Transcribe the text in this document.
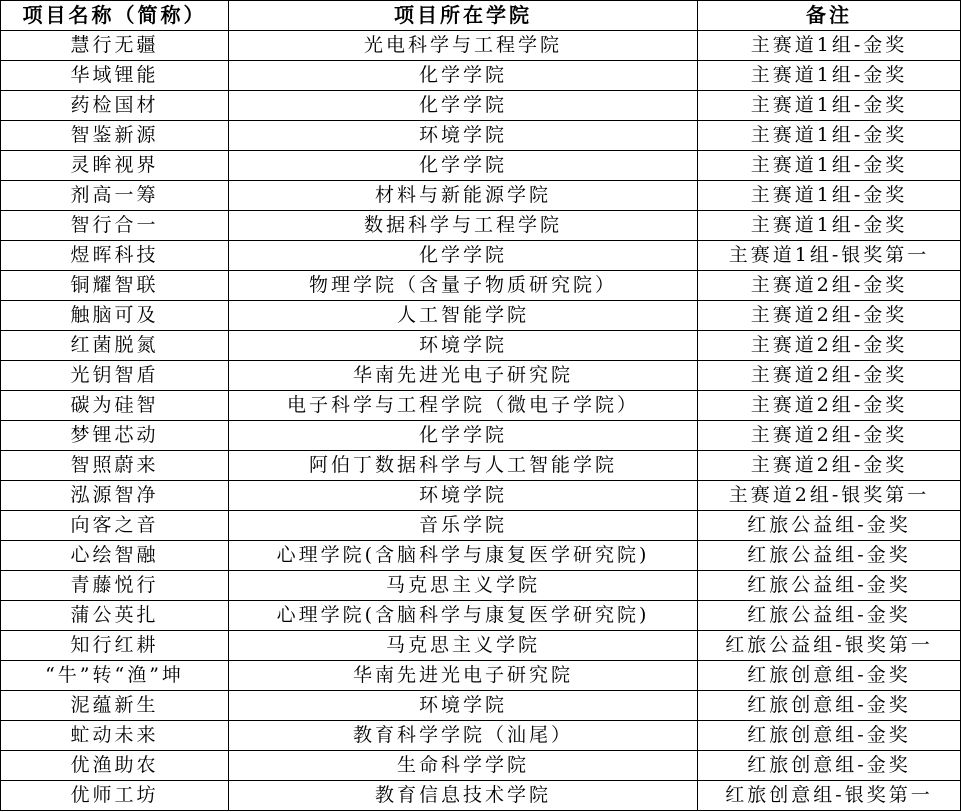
项目名称（简称）	项目所在学院	备注
慧行无疆	光电科学与工程学院	主赛道1组-金奖
华域锂能	化学学院	主赛道1组-金奖
药检国材	化学学院	主赛道1组-金奖
智鉴新源	环境学院	主赛道1组-金奖
灵眸视界	化学学院	主赛道1组-金奖
剂高一筹	材料与新能源学院	主赛道1组-金奖
智行合一	数据科学与工程学院	主赛道1组-金奖
煜晖科技	化学学院	主赛道1组-银奖第一
铜耀智联	物理学院（含量子物质研究院）	主赛道2组-金奖
触脑可及	人工智能学院	主赛道2组-金奖
红菌脱氮	环境学院	主赛道2组-金奖
光钥智盾	华南先进光电子研究院	主赛道2组-金奖
碳为硅智	电子科学与工程学院（微电子学院）	主赛道2组-金奖
梦锂芯动	化学学院	主赛道2组-金奖
智照蔚来	阿伯丁数据科学与人工智能学院	主赛道2组-金奖
泓源智净	环境学院	主赛道2组-银奖第一
向客之音	音乐学院	红旅公益组-金奖
心绘智融	心理学院(含脑科学与康复医学研究院)	红旅公益组-金奖
青藤悦行	马克思主义学院	红旅公益组-金奖
蒲公英扎	心理学院(含脑科学与康复医学研究院)	红旅公益组-金奖
知行红耕	马克思主义学院	红旅公益组-银奖第一
“牛”转“渔”坤	华南先进光电子研究院	红旅创意组-金奖
泥蕴新生	环境学院	红旅创意组-金奖
虻动未来	教育科学学院（汕尾）	红旅创意组-金奖
优渔助农	生命科学学院	红旅创意组-金奖
优师工坊	教育信息技术学院	红旅创意组-银奖第一
